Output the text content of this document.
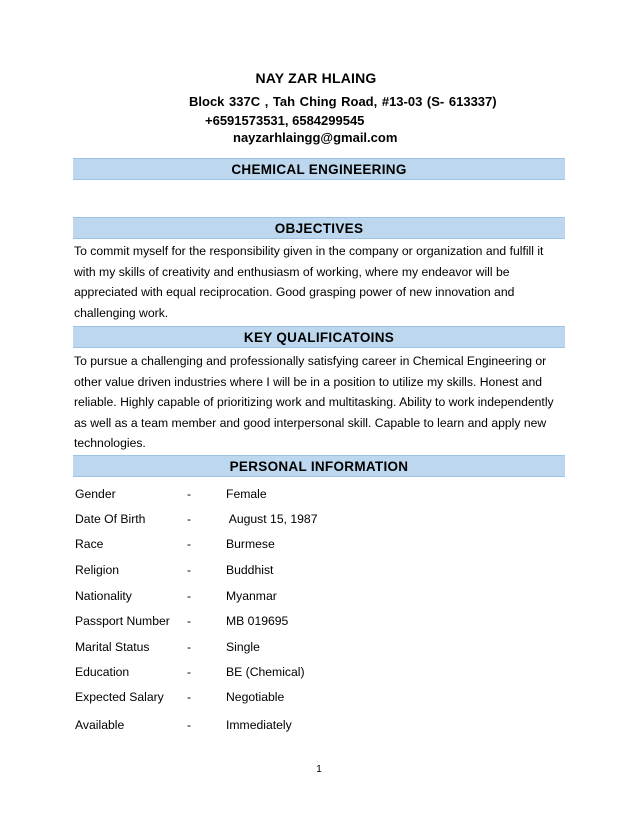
NAY ZAR HLAING
Block 337C , Tah Ching Road, #13-03 (S- 613337)
+6591573531, 6584299545
nayzarhlaingg@gmail.com
CHEMICAL ENGINEERING
OBJECTIVES
To commit myself for the responsibility given in the company or organization and fulfill it with my skills of creativity and enthusiasm of working, where my endeavor will be appreciated with equal reciprocation. Good grasping power of new innovation and challenging work.
KEY QUALIFICATOINS
To pursue a challenging and professionally satisfying career in Chemical Engineering or other value driven industries where I will be in a position to utilize my skills. Honest and reliable. Highly capable of prioritizing work and multitasking. Ability to work independently as well as a team member and good interpersonal skill. Capable to learn and apply new technologies.
PERSONAL INFORMATION
Gender	-	Female
Date Of Birth	-	August 15, 1987
Race	-	Burmese
Religion	-	Buddhist
Nationality	-	Myanmar
Passport Number -	MB 019695
Marital Status	-	Single
Education	-	BE (Chemical)
Expected Salary -	Negotiable
Available	-	Immediately
1
